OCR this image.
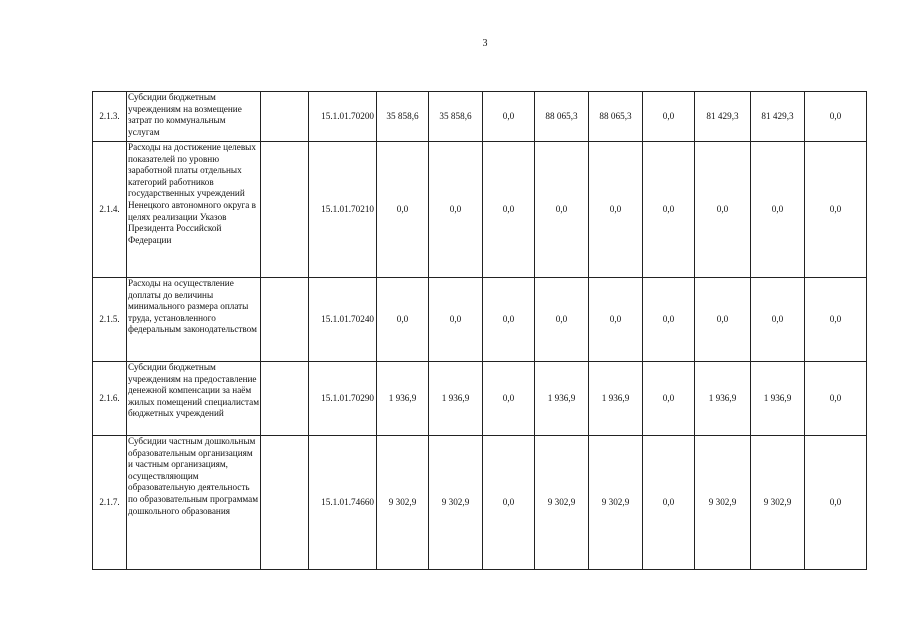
3
2.1.3.	Субсидии бюджетным учреждениям на возмещение затрат по коммунальным услугам		15.1.01.70200	35 858,6	35 858,6	0,0	88 065,3	88 065,3	0,0	81 429,3	81 429,3	0,0
2.1.4.	Расходы на достижение целевых показателей по уровню заработной платы отдельных категорий работников государственных учреждений Ненецкого автономного округа в целях реализации Указов Президента Российской Федерации		15.1.01.70210	0,0	0,0	0,0	0,0	0,0	0,0	0,0	0,0	0,0
2.1.5.	Расходы на осуществление доплаты до величины минимального размера оплаты труда, установленного федеральным законодательством		15.1.01.70240	0,0	0,0	0,0	0,0	0,0	0,0	0,0	0,0	0,0
2.1.6.	Субсидии бюджетным учреждениям на предоставление денежной компенсации за наём жилых помещений специалистам бюджетных учреждений		15.1.01.70290	1 936,9	1 936,9	0,0	1 936,9	1 936,9	0,0	1 936,9	1 936,9	0,0
2.1.7.	Субсидии частным дошкольным образовательным организациям и частным организациям, осуществляющим образовательную деятельность по образовательным программам дошкольного образования		15.1.01.74660	9 302,9	9 302,9	0,0	9 302,9	9 302,9	0,0	9 302,9	9 302,9	0,0
